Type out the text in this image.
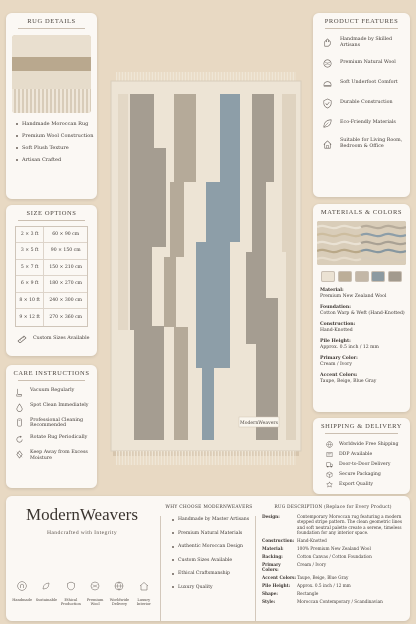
RUG DETAILS
Handmade Moroccan Rug
Premium Wool Construction
Soft Plush Texture
Artisan Crafted
SIZE OPTIONS
2 × 3 ft	60 × 90 cm
3 × 5 ft	90 × 150 cm
5 × 7 ft	150 × 210 cm
6 × 9 ft	180 × 270 cm
8 × 10 ft	240 × 300 cm
9 × 12 ft	270 × 360 cm
Custom Sizes Available
CARE INSTRUCTIONS
Vacuum Regularly
Spot Clean Immediately
Professional Cleaning Recommended
Rotate Rug Periodically
Keep Away from Excess Moisture
PRODUCT FEATURES
Handmade by Skilled Artisans
Premium Natural Wool
Soft Underfoot Comfort
Durable Construction
Eco-Friendly Materials
Suitable for Living Room, Bedroom & Office
MATERIALS & COLORS
Material:
Premium New Zealand Wool
Foundation:
Cotton Warp & Weft (Hand-Knotted)
Construction:
Hand-Knotted
Pile Height:
Approx. 0.5 inch / 12 mm
Primary Color:
Cream / Ivory
Accent Colors:
Taupe, Beige, Blue Gray
SHIPPING & DELIVERY
Worldwide Free Shipping
DDP Available
Door-to-Door Delivery
Secure Packaging
Export Quality
ModernWeavers
ModernWeavers
Handcrafted with Integrity
Handmade	Sustainable	Ethical Production
Premium Wool
Worldwide Delivery
Luxury Interior
WHY CHOOSE MODERNWEAVERS
Handmade by Master Artisans
Premium Natural Materials
Authentic Moroccan Design
Custom Sizes Available
Ethical Craftsmanship
Luxury Quality
RUG DESCRIPTION (Replace for Every Product)
Design:	Contemporary Moroccan rug featuring a modern stepped stripe pattern. The clean geometric lines and soft neutral palette create a serene, timeless foundation for any interior space.
Construction: Hand-Knotted
Material:	100% Premium New Zealand Wool
Backing:	Cotton Canvas / Cotton Foundation
Primary Colors:
Cream / Ivory
Accent Colors: Taupe, Beige, Blue Gray
Pile Height:	Approx. 0.5 inch / 12 mm
Shape:	Rectangle
Style:	Moroccan Contemporary / Scandinavian
